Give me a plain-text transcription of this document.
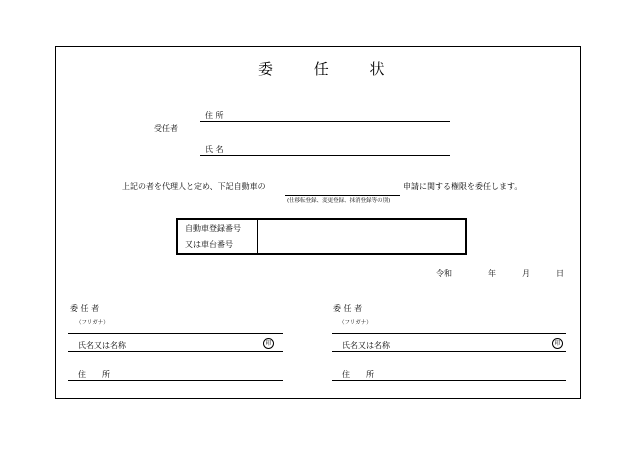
委 任 状
受任者
住 所
氏 名
上記の者を代理人と定め、下記自動車の
(仕移転登録、変更登録、抹消登録等の別)
申請に関する権限を委任します。
自動車登録番号
又は車台番号
令和	年	月	日
委 任 者
（フリガナ）
氏名又は名称	印
住　　所
委 任 者
（フリガナ）
氏名又は名称	印
住　　所
